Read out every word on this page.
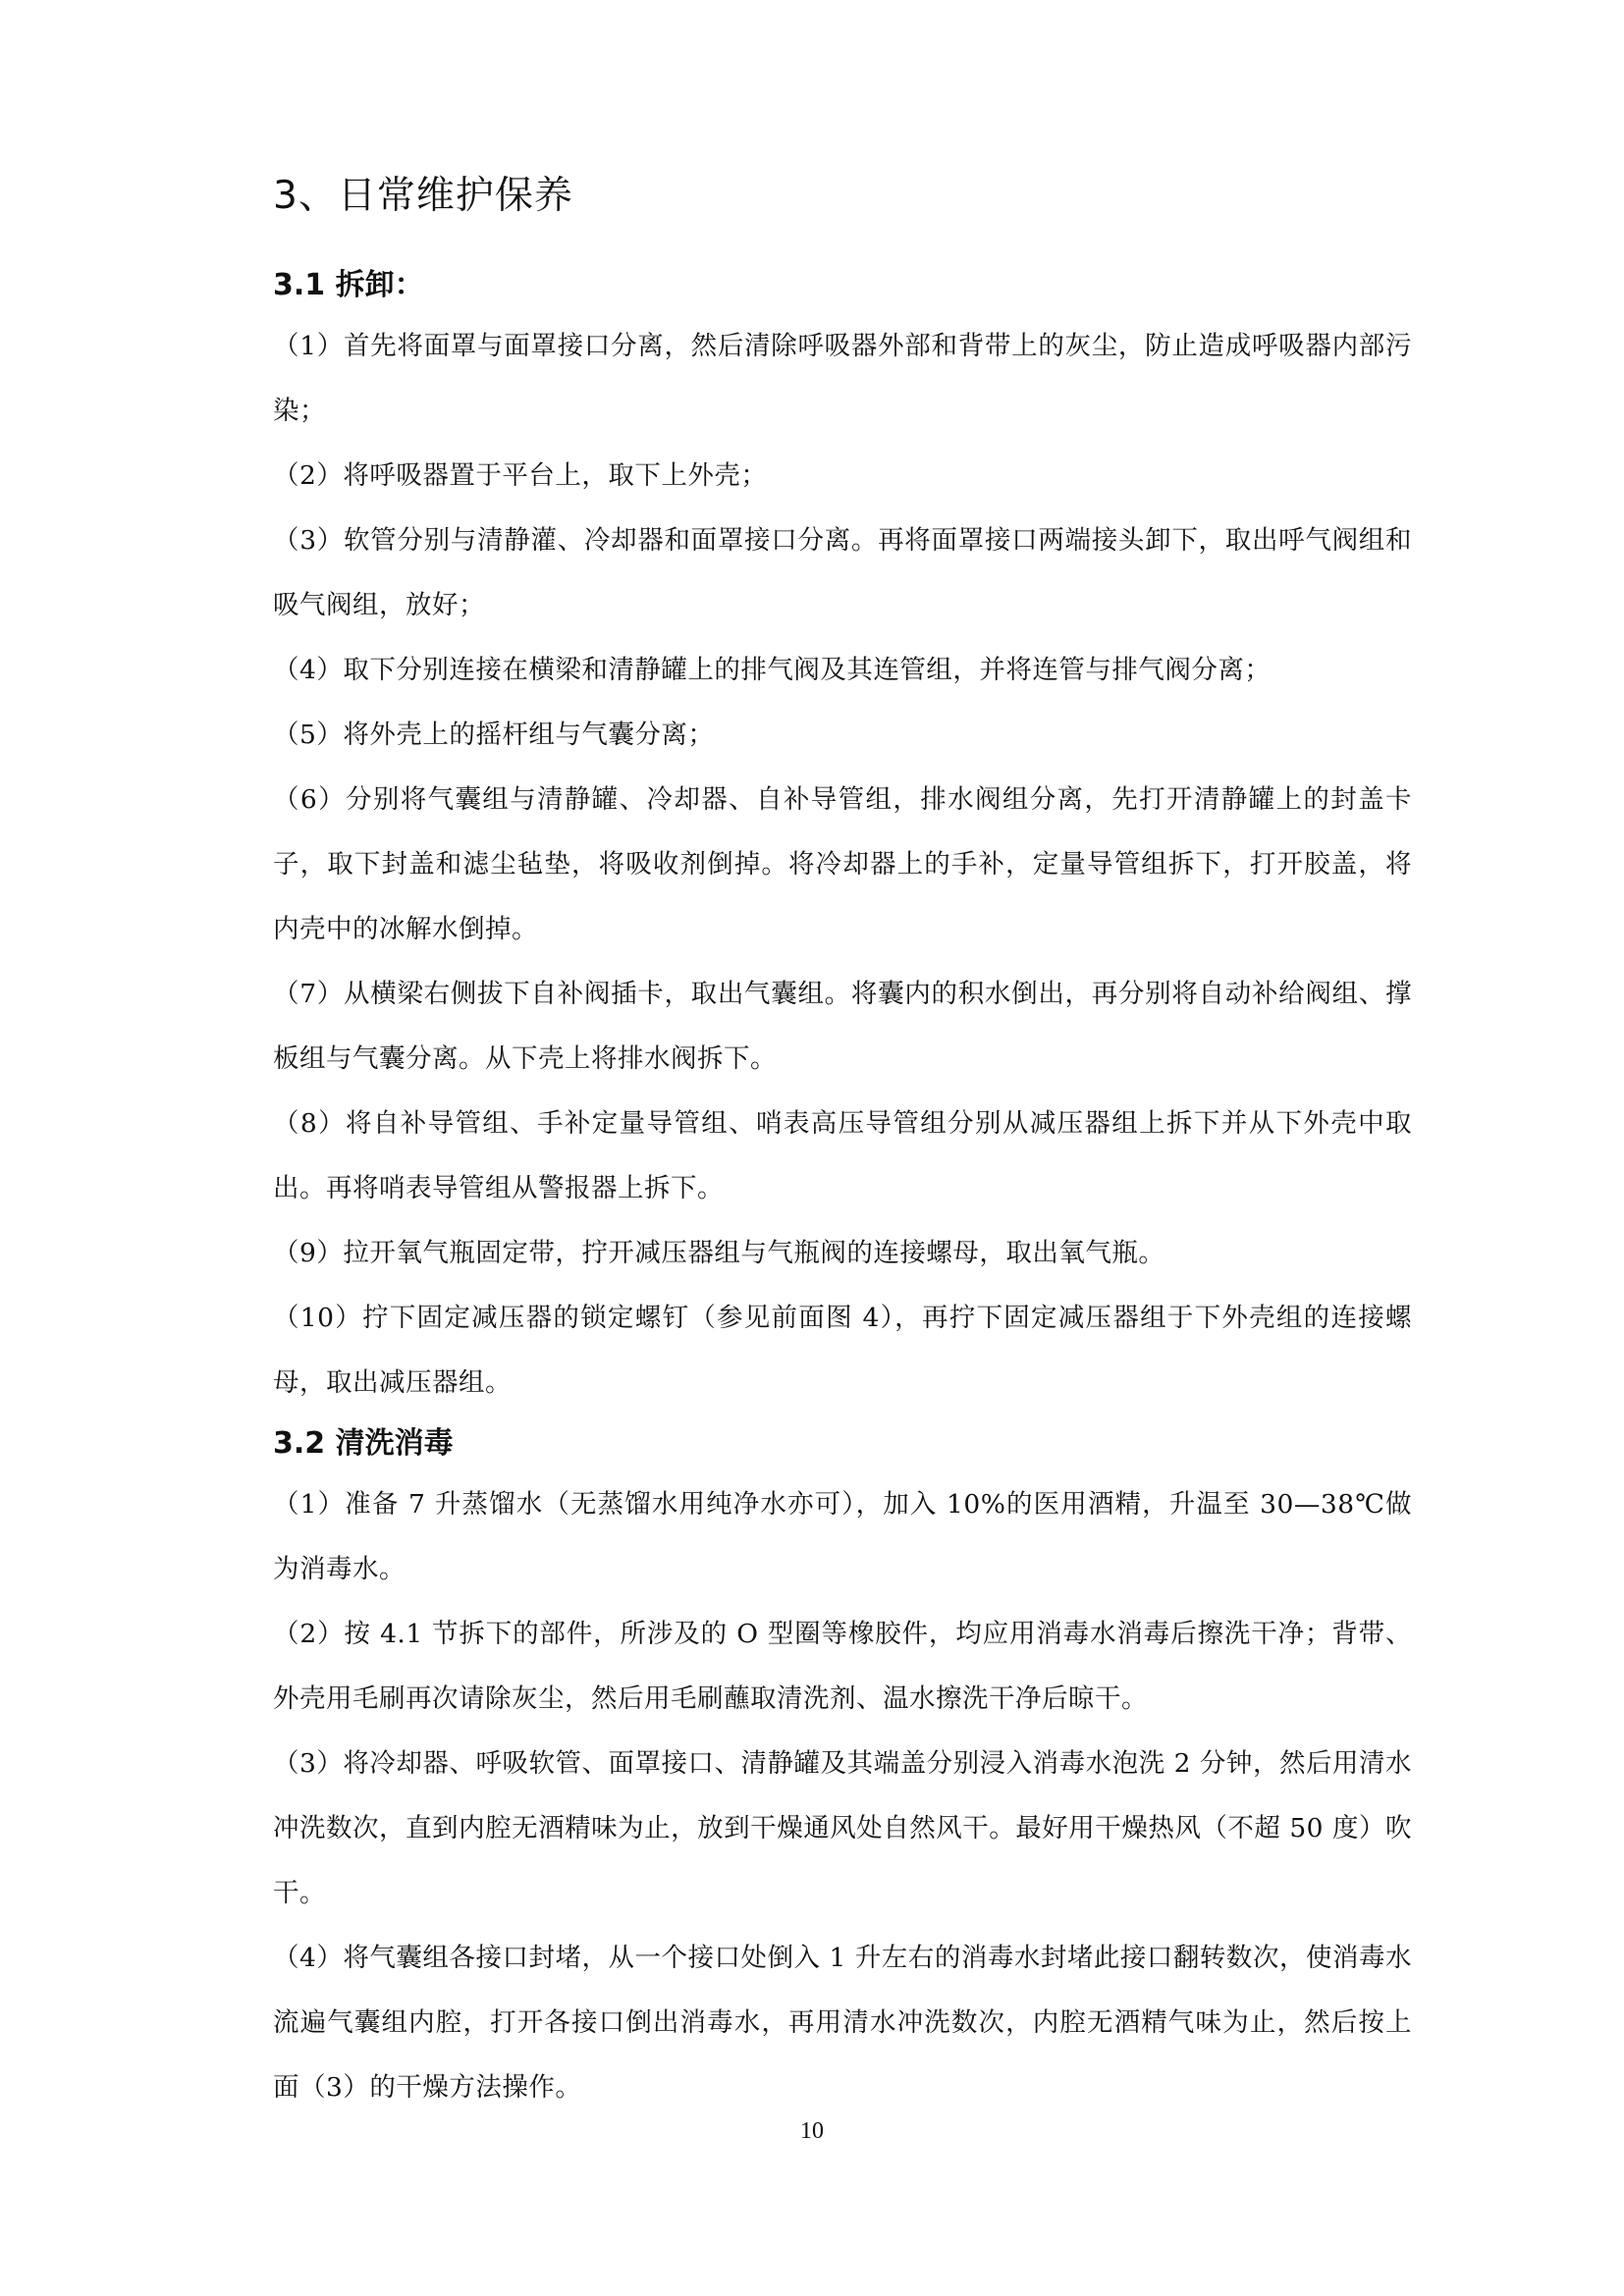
3、日常维护保养
3.1 拆卸：

（1）首先将面罩与面罩接口分离，然后清除呼吸器外部和背带上的灰尘，防止造成呼吸器内部污染；

（2）将呼吸器置于平台上，取下上外壳；

（3）软管分别与清静灌、冷却器和面罩接口分离。再将面罩接口两端接头卸下，取出呼气阀组和吸气阀组，放好；

（4）取下分别连接在横梁和清静罐上的排气阀及其连管组，并将连管与排气阀分离；

（5）将外壳上的摇杆组与气囊分离；

（6）分别将气囊组与清静罐、冷却器、自补导管组，排水阀组分离，先打开清静罐上的封盖卡子，取下封盖和滤尘毡垫，将吸收剂倒掉。将冷却器上的手补，定量导管组拆下，打开胶盖，将内壳中的冰解水倒掉。

（7）从横梁右侧拔下自补阀插卡，取出气囊组。将囊内的积水倒出，再分别将自动补给阀组、撑板组与气囊分离。从下壳上将排水阀拆下。

（8）将自补导管组、手补定量导管组、哨表高压导管组分别从减压器组上拆下并从下外壳中取出。再将哨表导管组从警报器上拆下。

（9）拉开氧气瓶固定带，拧开减压器组与气瓶阀的连接螺母，取出氧气瓶。

（10）拧下固定减压器的锁定螺钉（参见前面图 4），再拧下固定减压器组于下外壳组的连接螺母，取出减压器组。

3.2 清洗消毒

（1）准备 7 升蒸馏水（无蒸馏水用纯净水亦可），加入 10%的医用酒精，升温至 30—38℃做为消毒水。

（2）按 4.1 节拆下的部件，所涉及的 O 型圈等橡胶件，均应用消毒水消毒后擦洗干净；背带、外壳用毛刷再次请除灰尘，然后用毛刷蘸取清洗剂、温水擦洗干净后晾干。

（3）将冷却器、呼吸软管、面罩接口、清静罐及其端盖分别浸入消毒水泡洗 2 分钟，然后用清水冲洗数次，直到内腔无酒精味为止，放到干燥通风处自然风干。最好用干燥热风（不超 50 度）吹干。

（4）将气囊组各接口封堵，从一个接口处倒入 1 升左右的消毒水封堵此接口翻转数次，使消毒水流遍气囊组内腔，打开各接口倒出消毒水，再用清水冲洗数次，内腔无酒精气味为止，然后按上面（3）的干燥方法操作。

10
